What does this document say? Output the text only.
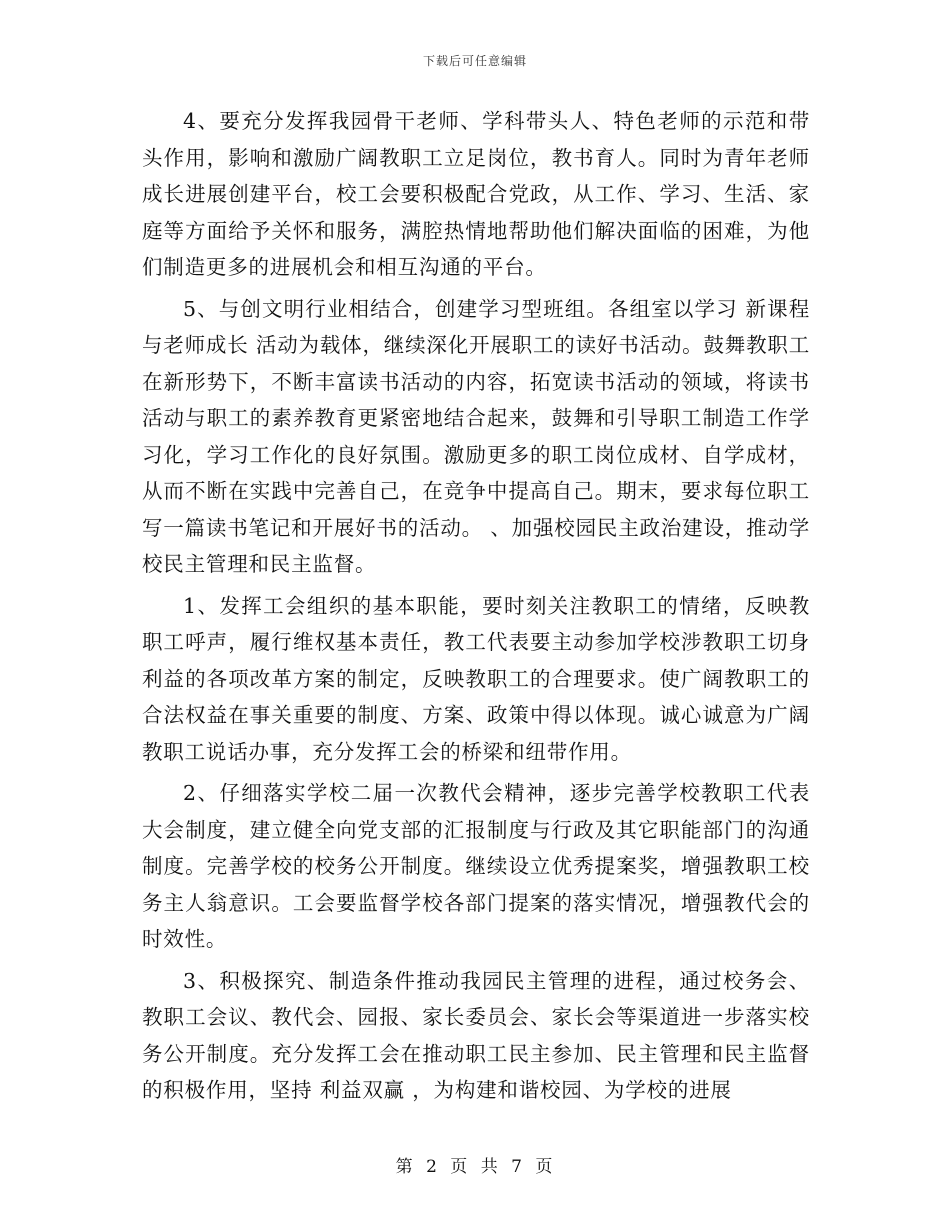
下载后可任意编辑

4、要充分发挥我园骨干老师、学科带头人、特色老师的示范和带头作用，影响和激励广阔教职工立足岗位，教书育人。同时为青年老师成长进展创建平台，校工会要积极配合党政，从工作、学习、生活、家庭等方面给予关怀和服务，满腔热情地帮助他们解决面临的困难，为他们制造更多的进展机会和相互沟通的平台。

5、与创文明行业相结合，创建学习型班组。各组室以学习 新课程与老师成长 活动为载体，继续深化开展职工的读好书活动。鼓舞教职工在新形势下，不断丰富读书活动的内容，拓宽读书活动的领域，将读书活动与职工的素养教育更紧密地结合起来，鼓舞和引导职工制造工作学习化，学习工作化的良好氛围。激励更多的职工岗位成材、自学成材，从而不断在实践中完善自己，在竞争中提高自己。期末，要求每位职工写一篇读书笔记和开展好书的活动。 、加强校园民主政治建设，推动学校民主管理和民主监督。

1、发挥工会组织的基本职能，要时刻关注教职工的情绪，反映教职工呼声，履行维权基本责任，教工代表要主动参加学校涉教职工切身利益的各项改革方案的制定，反映教职工的合理要求。使广阔教职工的合法权益在事关重要的制度、方案、政策中得以体现。诚心诚意为广阔教职工说话办事，充分发挥工会的桥梁和纽带作用。

2、仔细落实学校二届一次教代会精神，逐步完善学校教职工代表大会制度，建立健全向党支部的汇报制度与行政及其它职能部门的沟通制度。完善学校的校务公开制度。继续设立优秀提案奖，增强教职工校务主人翁意识。工会要监督学校各部门提案的落实情况，增强教代会的时效性。

3、积极探究、制造条件推动我园民主管理的进程，通过校务会、教职工会议、教代会、园报、家长委员会、家长会等渠道进一步落实校务公开制度。充分发挥工会在推动职工民主参加、民主管理和民主监督的积极作用，坚持 利益双赢 ，为构建和谐校园、为学校的进展

第 2 页 共 7 页
